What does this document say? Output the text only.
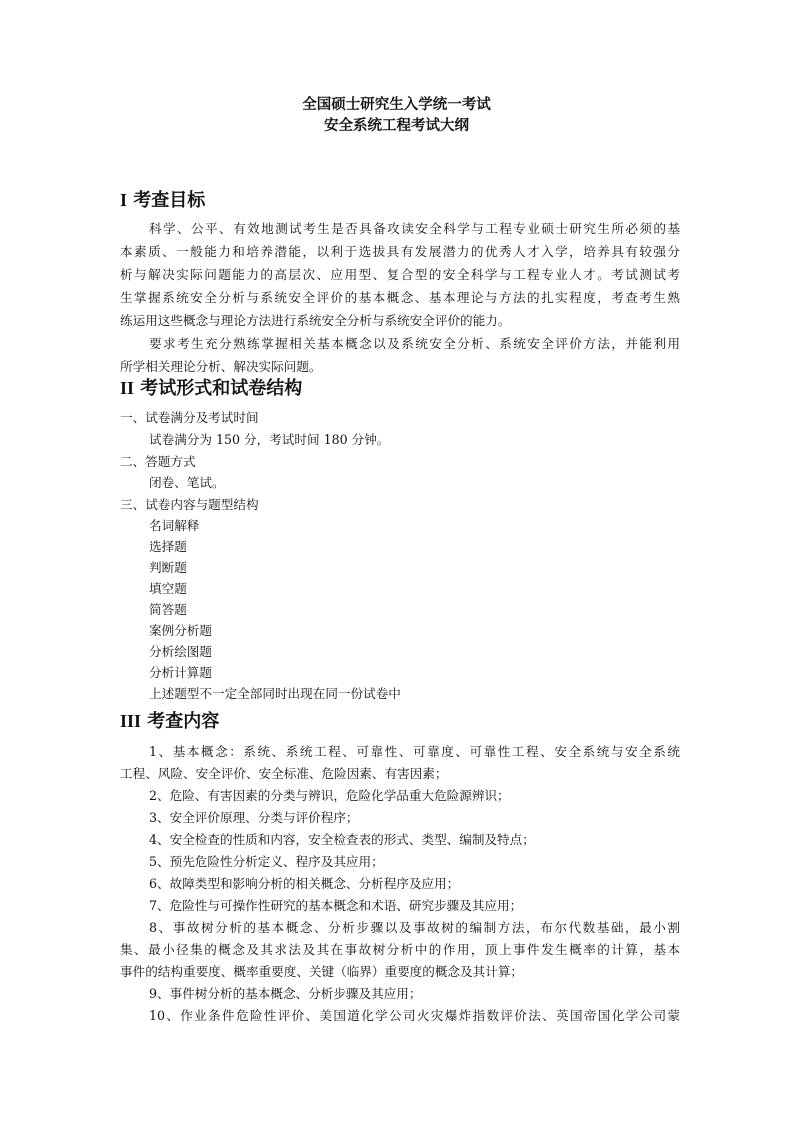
全国硕士研究生入学统一考试
安全系统工程考试大纲
I 考查目标
科学、公平、有效地测试考生是否具备攻读安全科学与工程专业硕士研究生所必须的基
本素质、一般能力和培养潜能，以利于选拔具有发展潜力的优秀人才入学，培养具有较强分
析与解决实际问题能力的高层次、应用型、复合型的安全科学与工程专业人才。考试测试考
生掌握系统安全分析与系统安全评价的基本概念、基本理论与方法的扎实程度，考查考生熟
练运用这些概念与理论方法进行系统安全分析与系统安全评价的能力。
要求考生充分熟练掌握相关基本概念以及系统安全分析、系统安全评价方法，并能利用
所学相关理论分析、解决实际问题。
II 考试形式和试卷结构
一、试卷满分及考试时间
试卷满分为 150 分，考试时间 180 分钟。
二、答题方式
闭卷、笔试。
三、试卷内容与题型结构
名词解释
选择题
判断题
填空题
简答题
案例分析题
分析绘图题
分析计算题
上述题型不一定全部同时出现在同一份试卷中
III 考查内容
1、基本概念：系统、系统工程、可靠性、可靠度、可靠性工程、安全系统与安全系统
工程、风险、安全评价、安全标准、危险因素、有害因素；
2、危险、有害因素的分类与辨识，危险化学品重大危险源辨识；
3、安全评价原理、分类与评价程序；
4、安全检查的性质和内容，安全检查表的形式、类型、编制及特点；
5、预先危险性分析定义、程序及其应用；
6、故障类型和影响分析的相关概念、分析程序及应用；
7、危险性与可操作性研究的基本概念和术语、研究步骤及其应用；
8、事故树分析的基本概念、分析步骤以及事故树的编制方法，布尔代数基础，最小割
集、最小径集的概念及其求法及其在事故树分析中的作用，顶上事件发生概率的计算，基本
事件的结构重要度、概率重要度、关键（临界）重要度的概念及其计算；
9、事件树分析的基本概念、分析步骤及其应用；
10、作业条件危险性评价、美国道化学公司火灾爆炸指数评价法、英国帝国化学公司蒙
